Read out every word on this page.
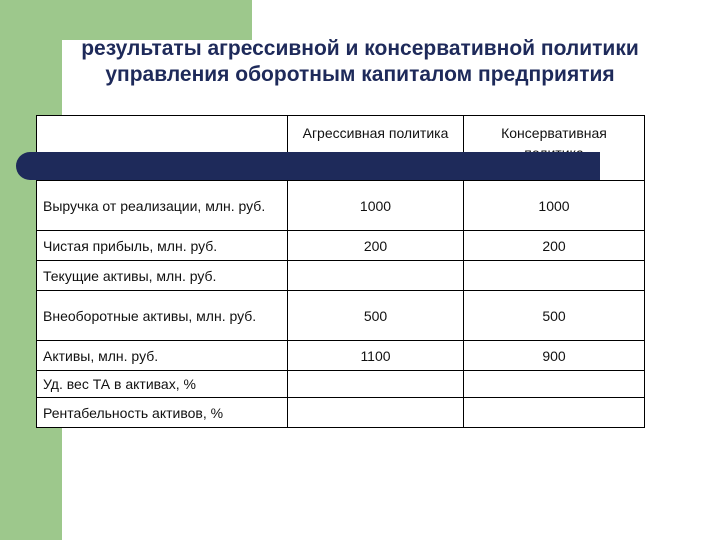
результаты агрессивной и консервативной политики управления оборотным капиталом предприятия
	Агрессивная политика	Консервативная
Выручка от реализации, млн. руб.	1000	1000
Чистая прибыль, млн. руб.	200	200
Текущие активы, млн. руб.		
Внеоборотные активы, млн. руб.	500	500
Активы, млн. руб.	1100	900
Уд. вес ТА в активах, %		
Рентабельность активов, %		
